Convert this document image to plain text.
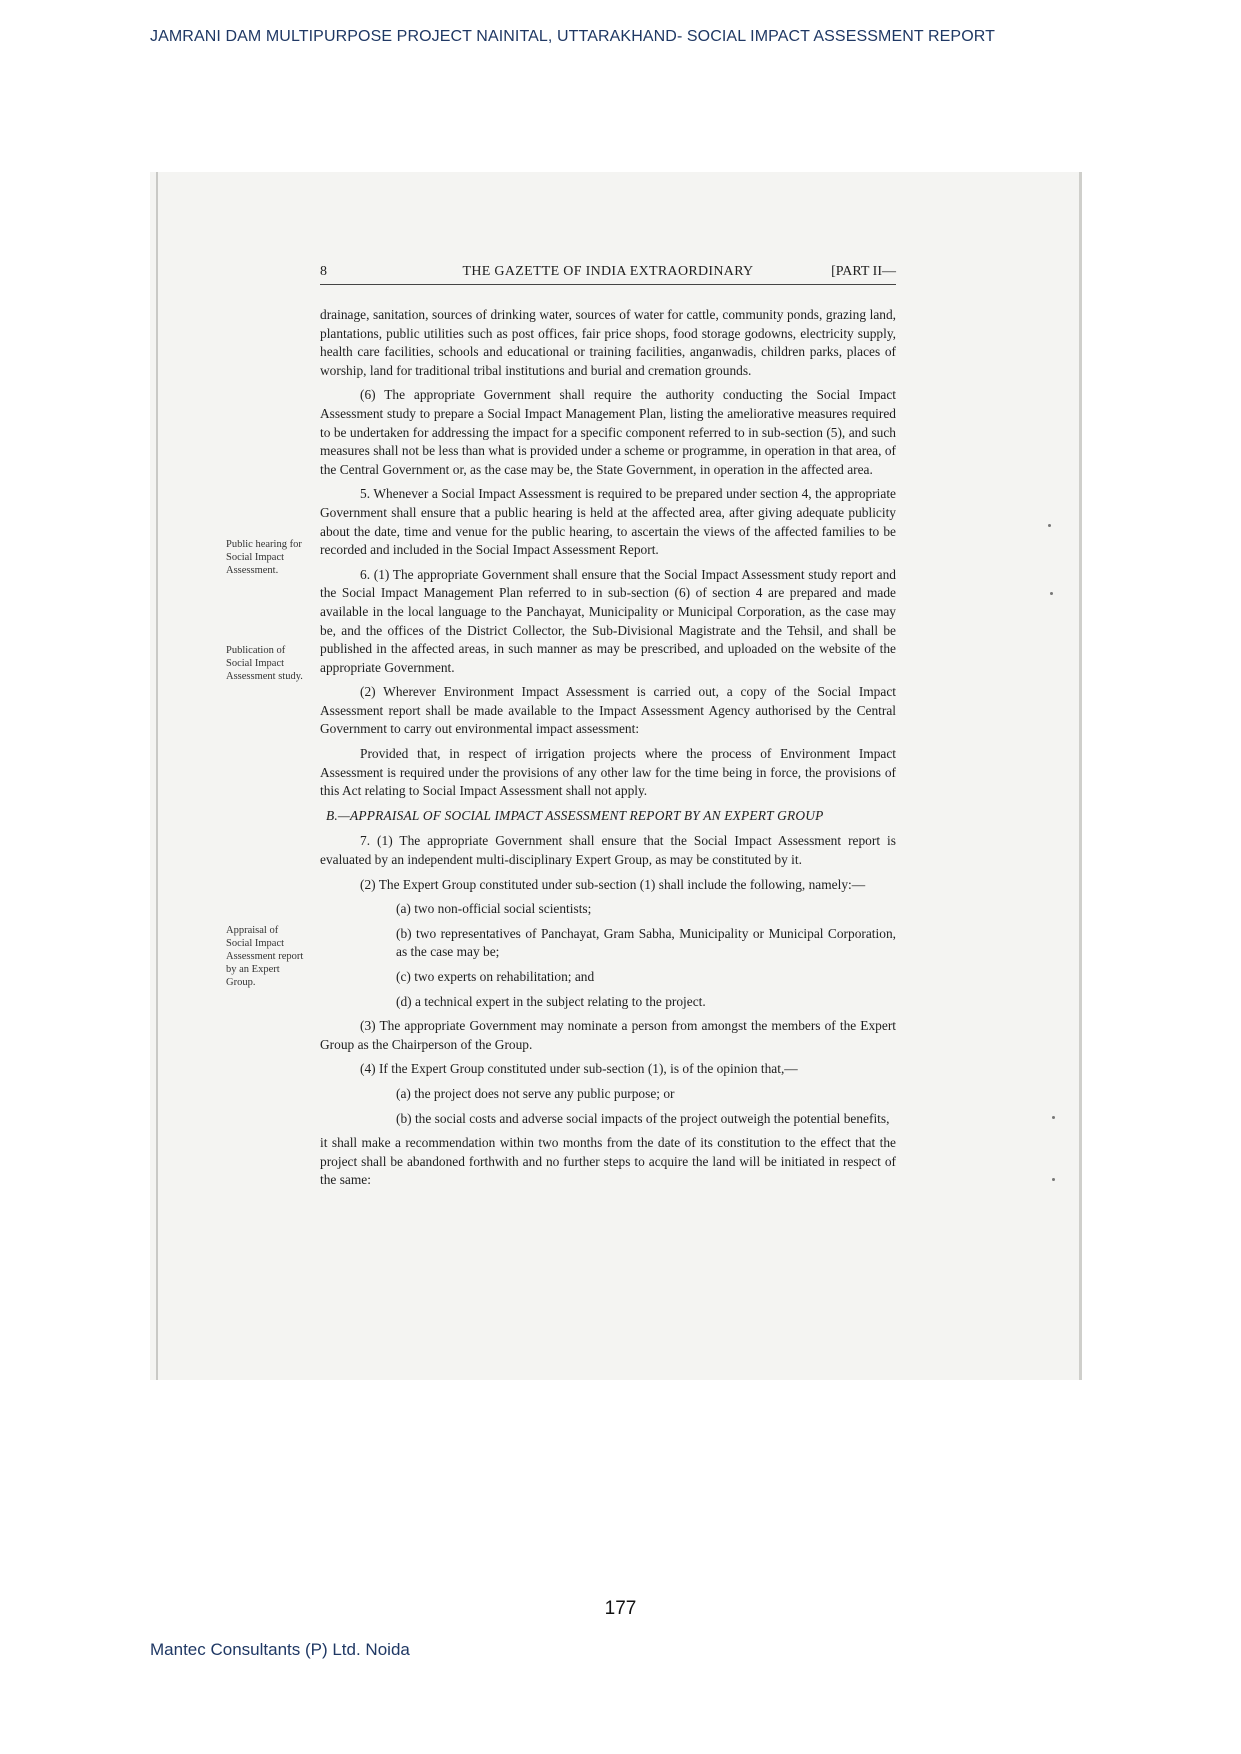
JAMRANI DAM MULTIPURPOSE PROJECT NAINITAL, UTTARAKHAND- SOCIAL IMPACT ASSESSMENT REPORT
8	THE GAZETTE OF INDIA EXTRAORDINARY	[PART II—
Public hearing for Social Impact Assessment.
Publication of Social Impact Assessment study.
Appraisal of Social Impact Assessment report by an Expert Group.

drainage, sanitation, sources of drinking water, sources of water for cattle, community ponds, grazing land, plantations, public utilities such as post offices, fair price shops, food storage godowns, electricity supply, health care facilities, schools and educational or training facilities, anganwadis, children parks, places of worship, land for traditional tribal institutions and burial and cremation grounds.

(6) The appropriate Government shall require the authority conducting the Social Impact Assessment study to prepare a Social Impact Management Plan, listing the ameliorative measures required to be undertaken for addressing the impact for a specific component referred to in sub-section (5), and such measures shall not be less than what is provided under a scheme or programme, in operation in that area, of the Central Government or, as the case may be, the State Government, in operation in the affected area.

5. Whenever a Social Impact Assessment is required to be prepared under section 4, the appropriate Government shall ensure that a public hearing is held at the affected area, after giving adequate publicity about the date, time and venue for the public hearing, to ascertain the views of the affected families to be recorded and included in the Social Impact Assessment Report.

6. (1) The appropriate Government shall ensure that the Social Impact Assessment study report and the Social Impact Management Plan referred to in sub-section (6) of section 4 are prepared and made available in the local language to the Panchayat, Municipality or Municipal Corporation, as the case may be, and the offices of the District Collector, the Sub-Divisional Magistrate and the Tehsil, and shall be published in the affected areas, in such manner as may be prescribed, and uploaded on the website of the appropriate Government.

(2) Wherever Environment Impact Assessment is carried out, a copy of the Social Impact Assessment report shall be made available to the Impact Assessment Agency authorised by the Central Government to carry out environmental impact assessment:

Provided that, in respect of irrigation projects where the process of Environment Impact Assessment is required under the provisions of any other law for the time being in force, the provisions of this Act relating to Social Impact Assessment shall not apply.

B.—APPRAISAL OF SOCIAL IMPACT ASSESSMENT REPORT BY AN EXPERT GROUP

7. (1) The appropriate Government shall ensure that the Social Impact Assessment report is evaluated by an independent multi-disciplinary Expert Group, as may be constituted by it.

(2) The Expert Group constituted under sub-section (1) shall include the following, namely:—

(a) two non-official social scientists;

(b) two representatives of Panchayat, Gram Sabha, Municipality or Municipal Corporation, as the case may be;

(c) two experts on rehabilitation; and

(d) a technical expert in the subject relating to the project.

(3) The appropriate Government may nominate a person from amongst the members of the Expert Group as the Chairperson of the Group.

(4) If the Expert Group constituted under sub-section (1), is of the opinion that,—

(a) the project does not serve any public purpose; or

(b) the social costs and adverse social impacts of the project outweigh the potential benefits,

it shall make a recommendation within two months from the date of its constitution to the effect that the project shall be abandoned forthwith and no further steps to acquire the land will be initiated in respect of the same:

177
Mantec Consultants (P) Ltd. Noida
